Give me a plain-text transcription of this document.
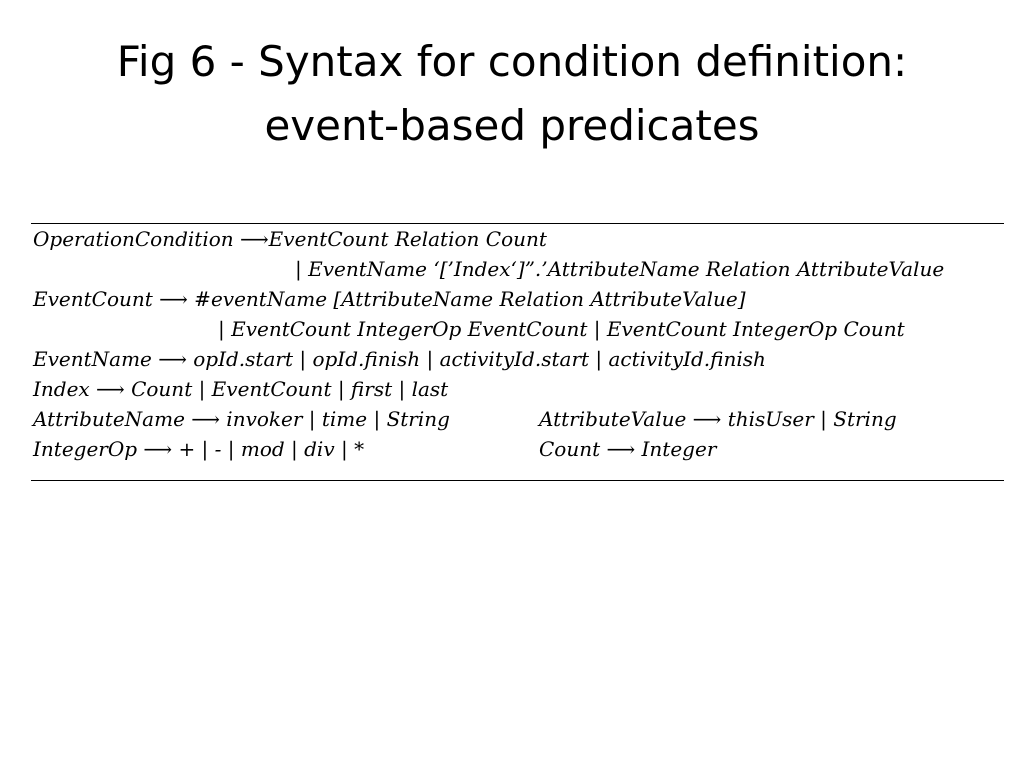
Fig 6 - Syntax for condition definition:
event-based predicates
OperationCondition ⟶EventCount Relation Count
| EventName ‘[’Index‘]”.’AttributeName Relation AttributeValue
EventCount ⟶ #eventName [AttributeName Relation AttributeValue]
| EventCount IntegerOp EventCount | EventCount IntegerOp Count
EventName ⟶ opId.start | opId.finish | activityId.start | activityId.finish
Index ⟶ Count | EventCount | first | last
AttributeName ⟶ invoker | time | String	AttributeValue ⟶ thisUser | String
IntegerOp ⟶ + | - | mod | div | *	Count ⟶ Integer
